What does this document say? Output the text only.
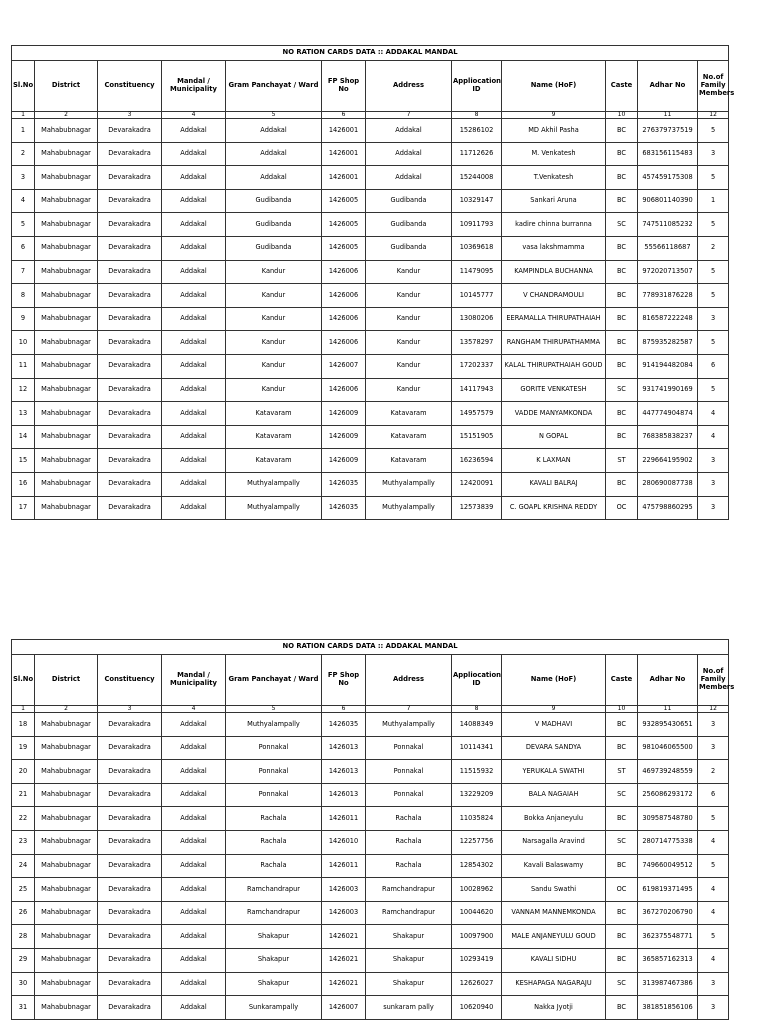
NO RATION CARDS DATA :: ADDAKAL MANDAL											
Sl.No	District	Constituency	Mandal / Municipality	Gram Panchayat / Ward	FP Shop No	Address	Appliocation ID	Name (HoF)	Caste	Adhar No	No.of Family Members
1	2	3	4	5	6	7	8	9	10	11	12
1	Mahabubnagar	Devarakadra	Addakal	Addakal	1426001	Addakal	15286102	MD Akhil Pasha	BC	276379737519	5
2	Mahabubnagar	Devarakadra	Addakal	Addakal	1426001	Addakal	11712626	M. Venkatesh	BC	683156115483	3
3	Mahabubnagar	Devarakadra	Addakal	Addakal	1426001	Addakal	15244008	T.Venkatesh	BC	457459175308	5
4	Mahabubnagar	Devarakadra	Addakal	Gudibanda	1426005	Gudibanda	10329147	Sankari Aruna	BC	906801140390	1
5	Mahabubnagar	Devarakadra	Addakal	Gudibanda	1426005	Gudibanda	10911793	kadire chinna burranna	SC	747511085232	5
6	Mahabubnagar	Devarakadra	Addakal	Gudibanda	1426005	Gudibanda	10369618	vasa lakshmamma	BC	55566118687	2
7	Mahabubnagar	Devarakadra	Addakal	Kandur	1426006	Kandur	11479095	KAMPINDLA BUCHANNA	BC	972020713507	5
8	Mahabubnagar	Devarakadra	Addakal	Kandur	1426006	Kandur	10145777	V CHANDRAMOULI	BC	778931876228	5
9	Mahabubnagar	Devarakadra	Addakal	Kandur	1426006	Kandur	13080206	EERAMALLA THIRUPATHAIAH	BC	816587222248	3
10	Mahabubnagar	Devarakadra	Addakal	Kandur	1426006	Kandur	13578297	RANGHAM THIRUPATHAMMA	BC	875935282587	5
11	Mahabubnagar	Devarakadra	Addakal	Kandur	1426007	Kandur	17202337	KALAL THIRUPATHAIAH GOUD	BC	914194482084	6
12	Mahabubnagar	Devarakadra	Addakal	Kandur	1426006	Kandur	14117943	GORITE VENKATESH	SC	931741990169	5
13	Mahabubnagar	Devarakadra	Addakal	Katavaram	1426009	Katavaram	14957579	VADDE MANYAMKONDA	BC	447774904874	4
14	Mahabubnagar	Devarakadra	Addakal	Katavaram	1426009	Katavaram	15151905	N GOPAL	BC	768385838237	4
15	Mahabubnagar	Devarakadra	Addakal	Katavaram	1426009	Katavaram	16236594	K LAXMAN	ST	229664195902	3
16	Mahabubnagar	Devarakadra	Addakal	Muthyalampally	1426035	Muthyalampally	12420091	KAVALI BALRAJ	BC	280690087738	3
17	Mahabubnagar	Devarakadra	Addakal	Muthyalampally	1426035	Muthyalampally	12573839	C. GOAPL KRISHNA REDDY	OC	475798860295	3
NO RATION CARDS DATA :: ADDAKAL MANDAL											
Sl.No	District	Constituency	Mandal / Municipality	Gram Panchayat / Ward	FP Shop No	Address	Appliocation ID	Name (HoF)	Caste	Adhar No	No.of Family Members
1	2	3	4	5	6	7	8	9	10	11	12
18	Mahabubnagar	Devarakadra	Addakal	Muthyalampally	1426035	Muthyalampally	14088349	V MADHAVI	BC	932895430651	3
19	Mahabubnagar	Devarakadra	Addakal	Ponnakal	1426013	Ponnakal	10114341	DEVARA SANDYA	BC	981046065500	3
20	Mahabubnagar	Devarakadra	Addakal	Ponnakal	1426013	Ponnakal	11515932	YERUKALA SWATHI	ST	469739248559	2
21	Mahabubnagar	Devarakadra	Addakal	Ponnakal	1426013	Ponnakal	13229209	BALA NAGAIAH	SC	256086293172	6
22	Mahabubnagar	Devarakadra	Addakal	Rachala	1426011	Rachala	11035824	Bokka Anjaneyulu	BC	309587548780	5
23	Mahabubnagar	Devarakadra	Addakal	Rachala	1426010	Rachala	12257756	Narsagalla Aravind	SC	280714775338	4
24	Mahabubnagar	Devarakadra	Addakal	Rachala	1426011	Rachala	12854302	Kavali Balaswamy	BC	749660049512	5
25	Mahabubnagar	Devarakadra	Addakal	Ramchandrapur	1426003	Ramchandrapur	10028962	Sandu Swathi	OC	619819371495	4
26	Mahabubnagar	Devarakadra	Addakal	Ramchandrapur	1426003	Ramchandrapur	10044620	VANNAM MANNEMKONDA	BC	367270206790	4
28	Mahabubnagar	Devarakadra	Addakal	Shakapur	1426021	Shakapur	10097900	MALE ANJANEYULU GOUD	BC	362375548771	5
29	Mahabubnagar	Devarakadra	Addakal	Shakapur	1426021	Shakapur	10293419	KAVALI SIDHU	BC	365857162313	4
30	Mahabubnagar	Devarakadra	Addakal	Shakapur	1426021	Shakapur	12626027	KESHAPAGA NAGARAJU	SC	313987467386	3
31	Mahabubnagar	Devarakadra	Addakal	Sunkarampally	1426007	sunkaram pally	10620940	Nakka Jyotji	BC	381851856106	3
